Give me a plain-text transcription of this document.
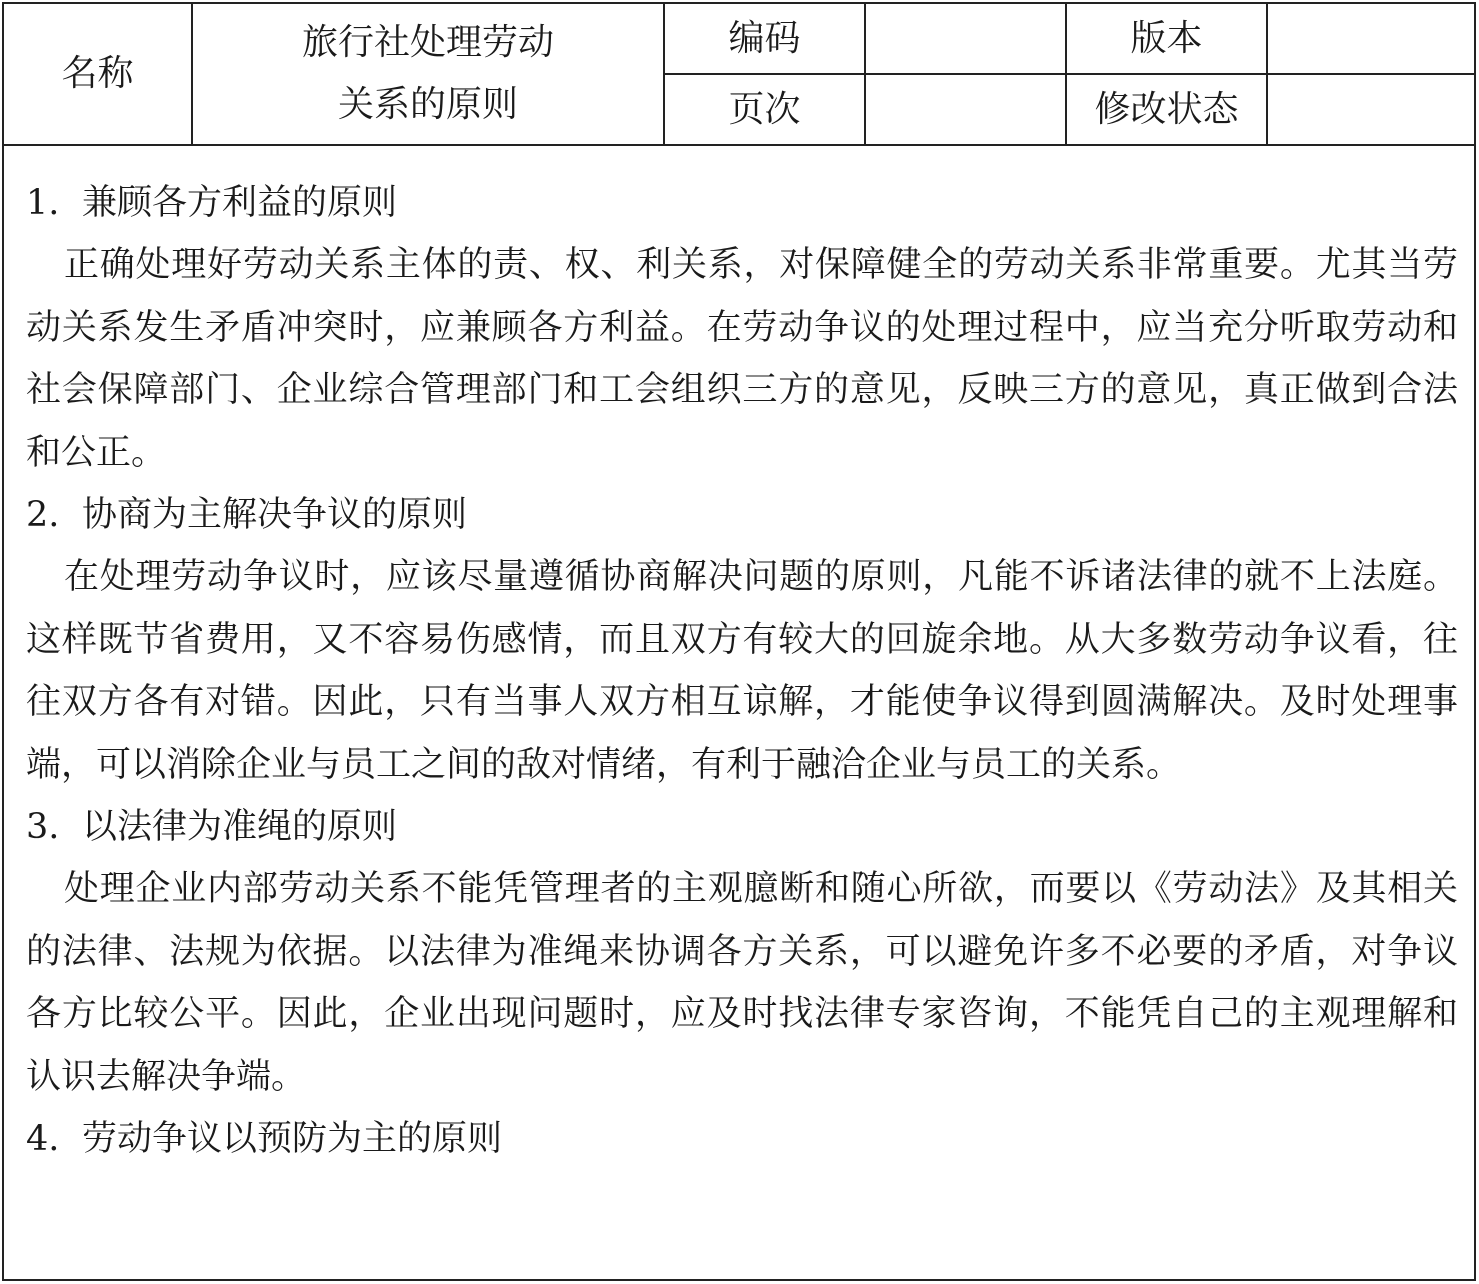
名称
旅行社处理劳动
关系的原则
编码	版本
页次	修改状态

1. 兼顾各方利益的原则

正确处理好劳动关系主体的责、权、利关系，对保障健全的劳动关系非常重要。尤其当劳动关系发生矛盾冲突时，应兼顾各方利益。在劳动争议的处理过程中，应当充分听取劳动和社会保障部门、企业综合管理部门和工会组织三方的意见，反映三方的意见，真正做到合法和公正。

2. 协商为主解决争议的原则

在处理劳动争议时，应该尽量遵循协商解决问题的原则，凡能不诉诸法律的就不上法庭。这样既节省费用，又不容易伤感情，而且双方有较大的回旋余地。从大多数劳动争议看，往往双方各有对错。因此，只有当事人双方相互谅解，才能使争议得到圆满解决。及时处理事端，可以消除企业与员工之间的敌对情绪，有利于融洽企业与员工的关系。

3. 以法律为准绳的原则

处理企业内部劳动关系不能凭管理者的主观臆断和随心所欲，而要以《劳动法》及其相关的法律、法规为依据。以法律为准绳来协调各方关系，可以避免许多不必要的矛盾，对争议各方比较公平。因此，企业出现问题时，应及时找法律专家咨询，不能凭自己的主观理解和认识去解决争端。

4. 劳动争议以预防为主的原则
